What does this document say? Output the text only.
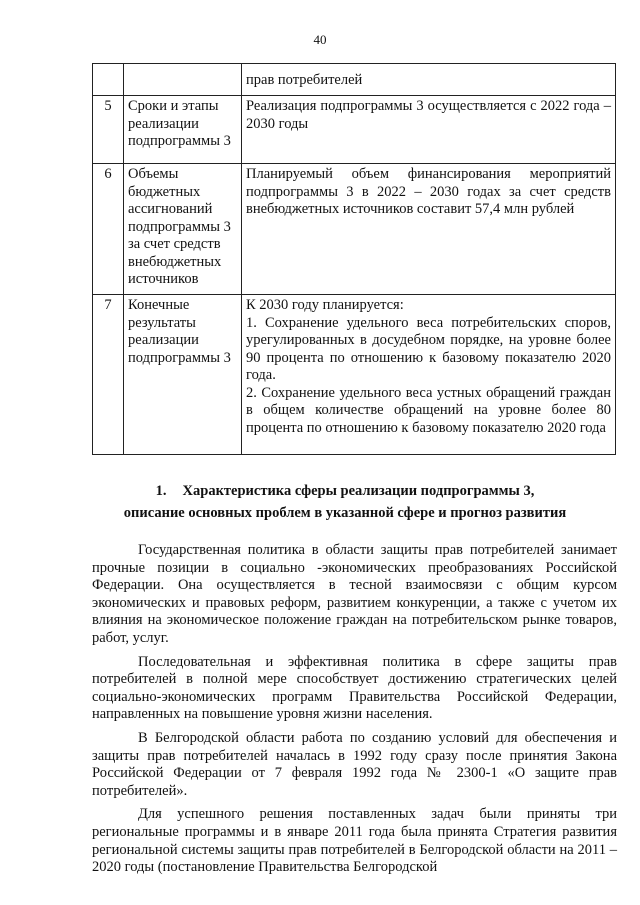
40

		прав потребителей

5	Сроки и этапы реализации подпрограммы 3	Реализация подпрограммы 3 осуществляется с 2022 года – 2030 годы

6	Объемы бюджетных ассигнований подпрограммы 3 за счет средств внебюджетных источников	Планируемый объем финансирования мероприятий подпрограммы 3 в 2022 – 2030 годах за счет средств внебюджетных источников составит 57,4 млн рублей

7	Конечные результаты реализации подпрограммы 3	К 2030 году планируется:
1. Сохранение удельного веса потребительских споров, урегулированных в досудебном порядке, на уровне более 90 процента по отношению к базовому показателю 2020 года.
2. Сохранение удельного веса устных обращений граждан в общем количестве обращений на уровне более 80 процента по отношению к базовому показателю 2020 года
1. Характеристика сферы реализации подпрограммы 3,
описание основных проблем в указанной сфере и прогноз развития

Государственная политика в области защиты прав потребителей занимает прочные позиции в социально -экономических преобразованиях Российской Федерации. Она осуществляется в тесной взаимосвязи с общим курсом экономических и правовых реформ, развитием конкуренции, а также с учетом их влияния на экономическое положение граждан на потребительском рынке товаров, работ, услуг.

Последовательная и эффективная политика в сфере защиты прав потребителей в полной мере способствует достижению стратегических целей социально-экономических программ Правительства Российской Федерации, направленных на повышение уровня жизни населения.

В Белгородской области работа по созданию условий для обеспечения и защиты прав потребителей началась в 1992 году сразу после принятия Закона Российской Федерации от 7 февраля 1992 года № 2300-1 «О защите прав потребителей».

Для успешного решения поставленных задач были приняты три региональные программы и в январе 2011 года была принята Стратегия развития региональной системы защиты прав потребителей в Белгородской области на 2011 – 2020 годы (постановление Правительства Белгородской
